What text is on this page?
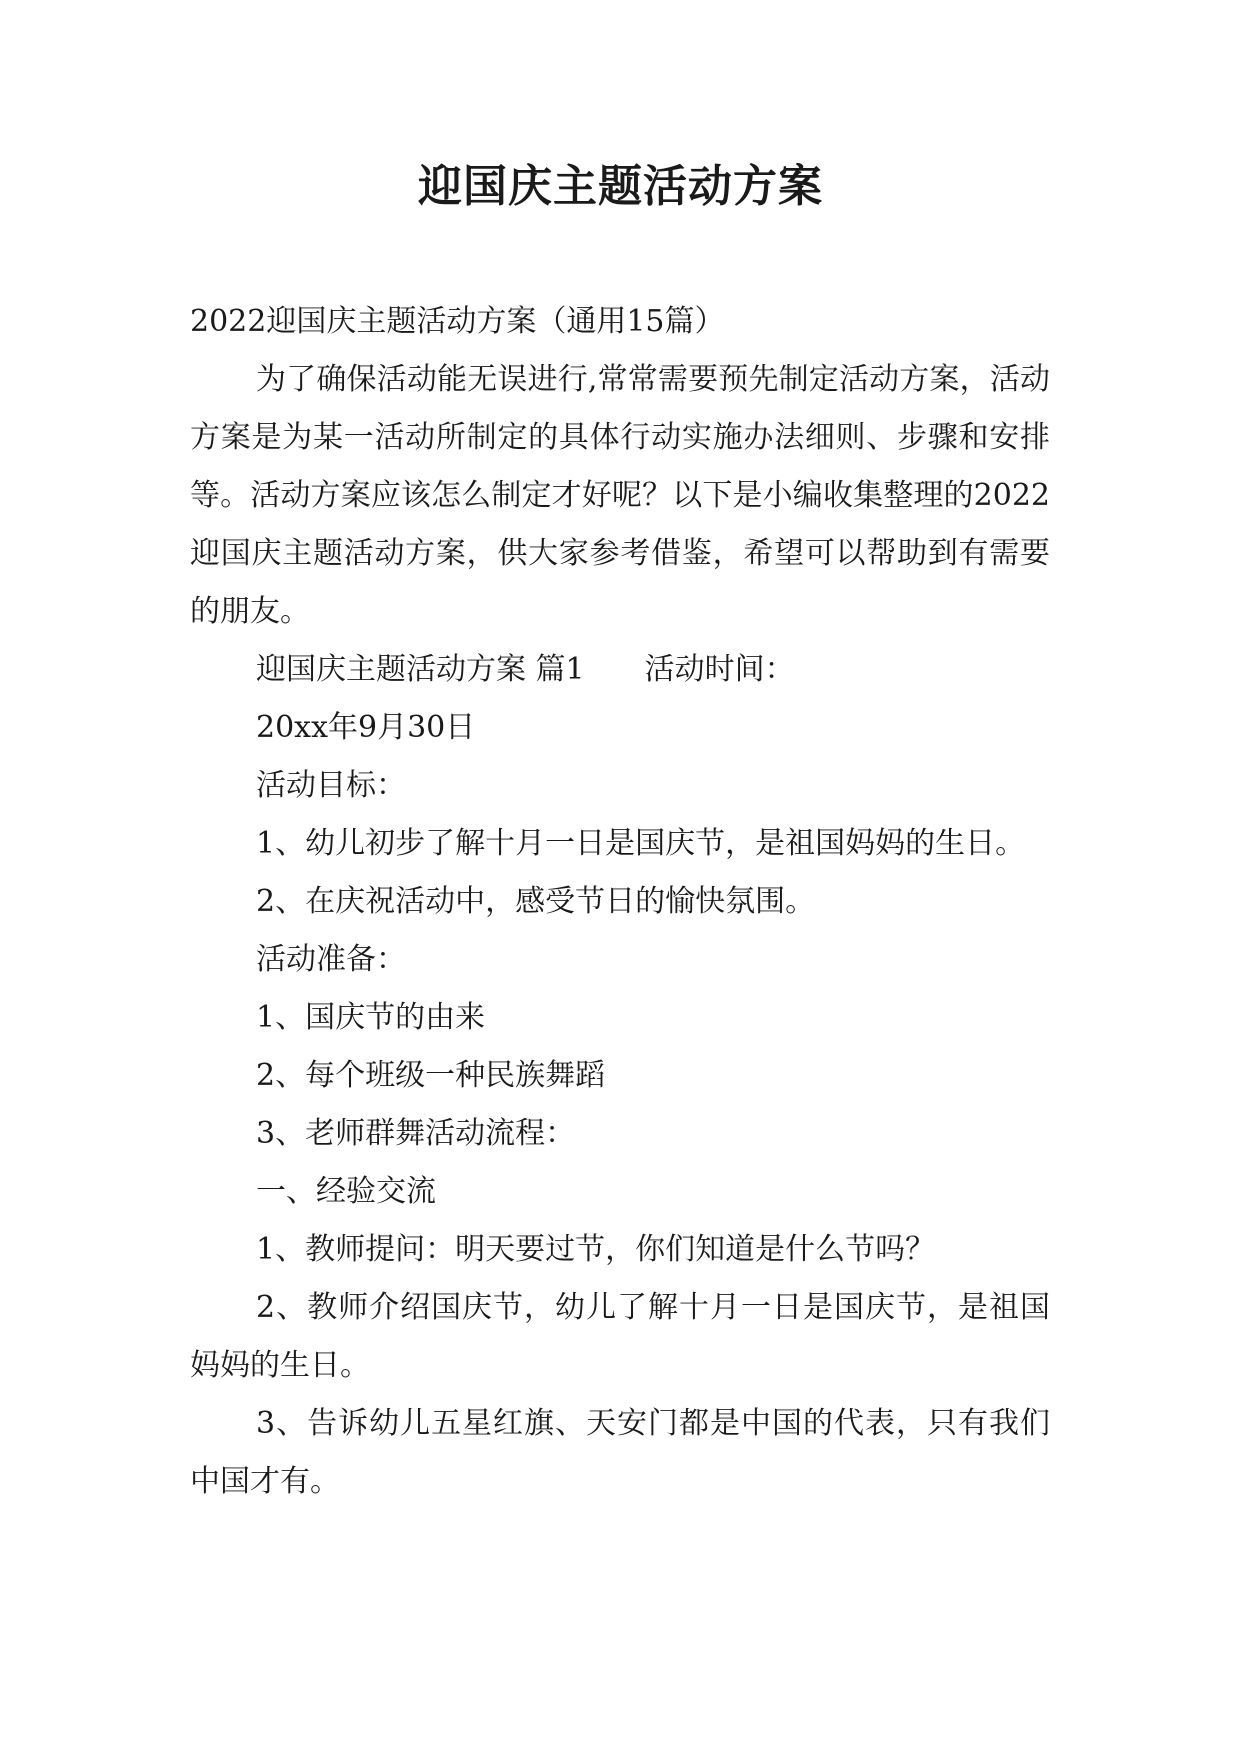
迎国庆主题活动方案

2022迎国庆主题活动方案（通用15篇）

为了确保活动能无误进行,常常需要预先制定活动方案，活动方案是为某一活动所制定的具体行动实施办法细则、步骤和安排等。活动方案应该怎么制定才好呢？以下是小编收集整理的2022迎国庆主题活动方案，供大家参考借鉴，希望可以帮助到有需要的朋友。

迎国庆主题活动方案 篇1 活动时间：

20xx年9月30日

活动目标：

1、幼儿初步了解十月一日是国庆节，是祖国妈妈的生日。

2、在庆祝活动中，感受节日的愉快氛围。

活动准备：

1、国庆节的由来

2、每个班级一种民族舞蹈

3、老师群舞活动流程：

一、经验交流

1、教师提问：明天要过节，你们知道是什么节吗？

2、教师介绍国庆节，幼儿了解十月一日是国庆节，是祖国妈妈的生日。

3、告诉幼儿五星红旗、天安门都是中国的代表，只有我们中国才有。
